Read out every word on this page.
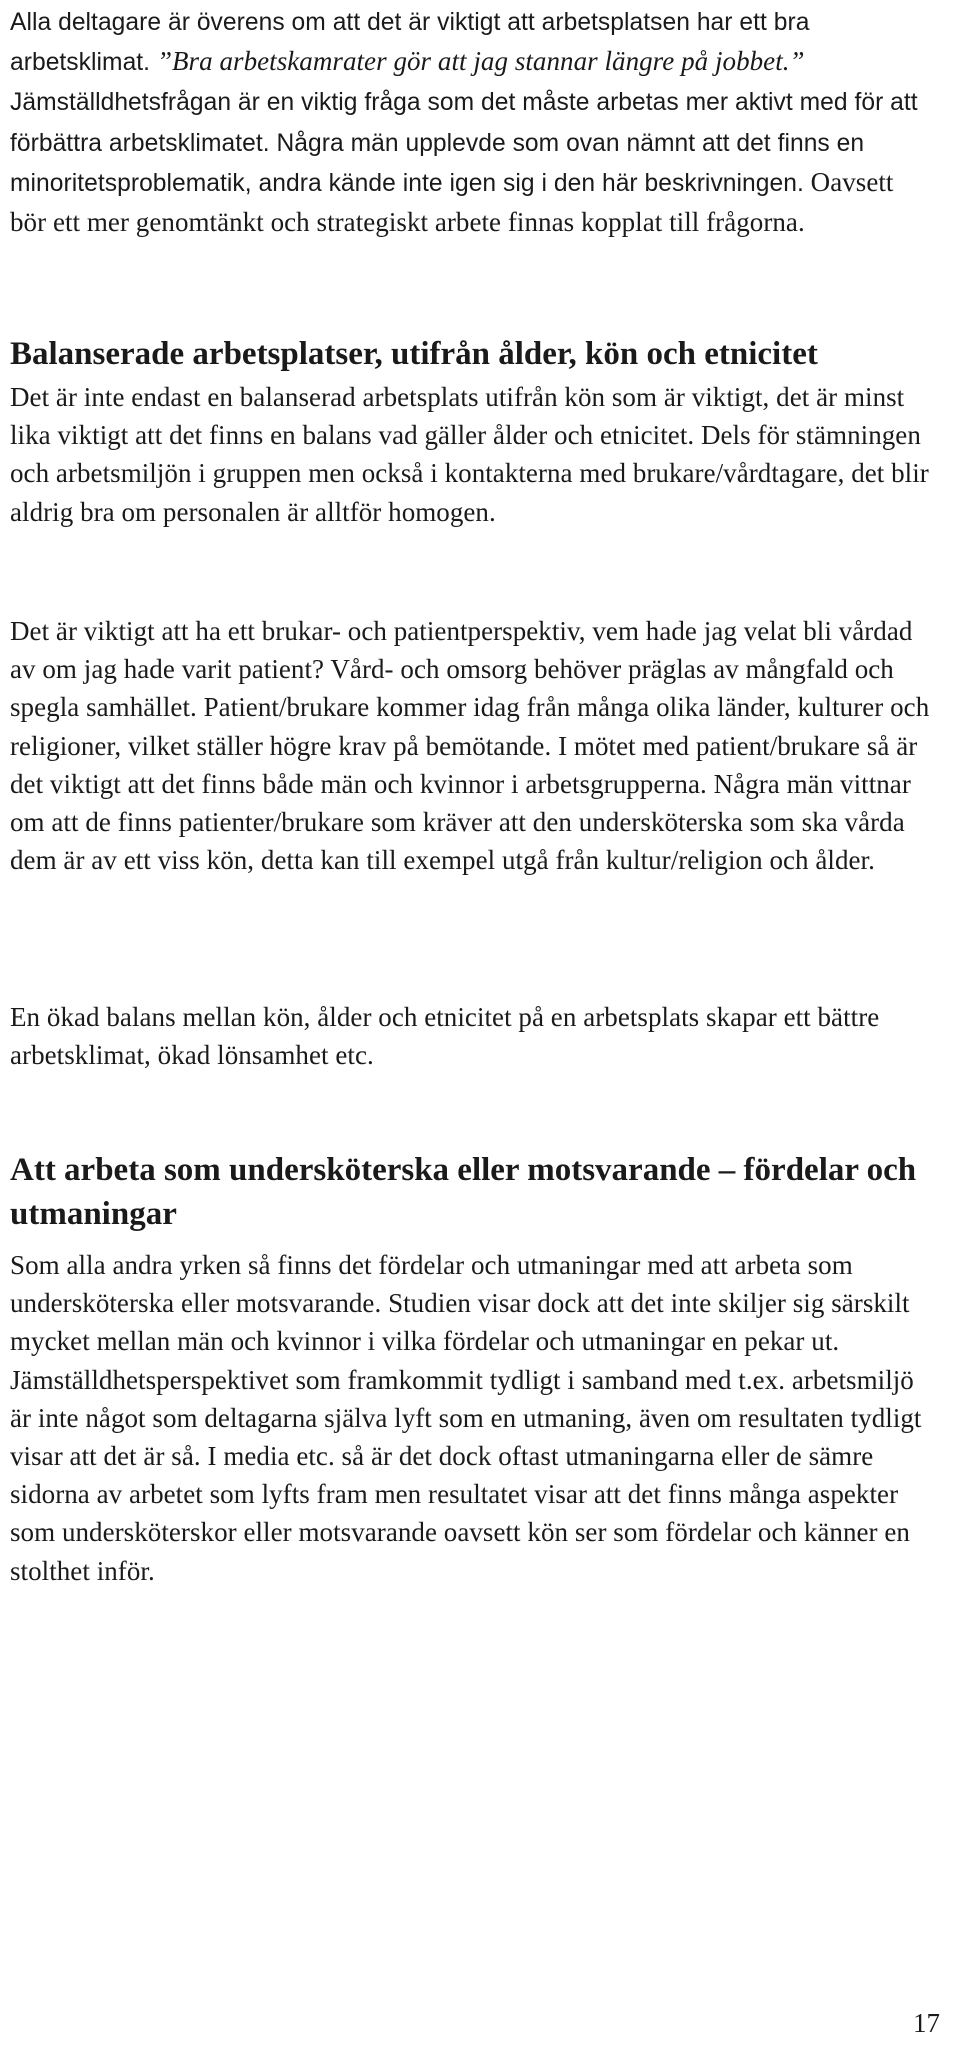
Alla deltagare är överens om att det är viktigt att arbetsplatsen har ett bra arbetsklimat. ”Bra arbetskamrater gör att jag stannar längre på jobbet.” Jämställdhetsfrågan är en viktig fråga som det måste arbetas mer aktivt med för att förbättra arbetsklimatet. Några män upplevde som ovan nämnt att det finns en minoritetsproblematik, andra kände inte igen sig i den här beskrivningen. Oavsett bör ett mer genomtänkt och strategiskt arbete finnas kopplat till frågorna.

Balanserade arbetsplatser, utifrån ålder, kön och etnicitet

Det är inte endast en balanserad arbetsplats utifrån kön som är viktigt, det är minst lika viktigt att det finns en balans vad gäller ålder och etnicitet. Dels för stämningen och arbetsmiljön i gruppen men också i kontakterna med brukare/vårdtagare, det blir aldrig bra om personalen är alltför homogen.

Det är viktigt att ha ett brukar- och patientperspektiv, vem hade jag velat bli vårdad av om jag hade varit patient? Vård- och omsorg behöver präglas av mångfald och spegla samhället. Patient/brukare kommer idag från många olika länder, kulturer och religioner, vilket ställer högre krav på bemötande. I mötet med patient/brukare så är det viktigt att det finns både män och kvinnor i arbetsgrupperna. Några män vittnar om att de finns patienter/brukare som kräver att den undersköterska som ska vårda dem är av ett viss kön, detta kan till exempel utgå från kultur/religion och ålder.

En ökad balans mellan kön, ålder och etnicitet på en arbetsplats skapar ett bättre arbetsklimat, ökad lönsamhet etc.

Att arbeta som undersköterska eller motsvarande – fördelar och utmaningar

Som alla andra yrken så finns det fördelar och utmaningar med att arbeta som undersköterska eller motsvarande. Studien visar dock att det inte skiljer sig särskilt mycket mellan män och kvinnor i vilka fördelar och utmaningar en pekar ut. Jämställdhetsperspektivet som framkommit tydligt i samband med t.ex. arbetsmiljö är inte något som deltagarna själva lyft som en utmaning, även om resultaten tydligt visar att det är så. I media etc. så är det dock oftast utmaningarna eller de sämre sidorna av arbetet som lyfts fram men resultatet visar att det finns många aspekter som undersköterskor eller motsvarande oavsett kön ser som fördelar och känner en stolthet inför.

17
